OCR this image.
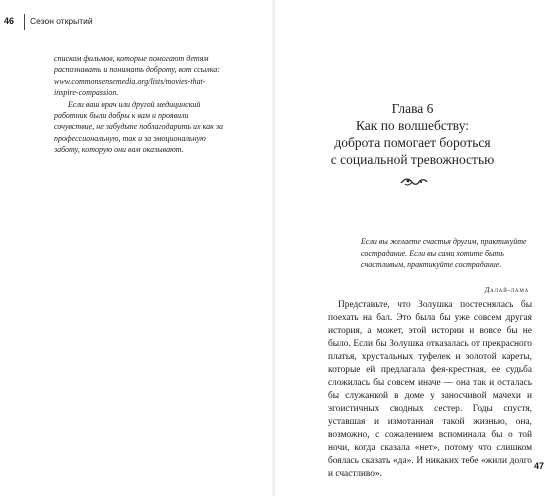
46 Сезон открытий

списком фильмов, которые помогают детям распознавать и понимать доброту, вот ссылка: www.commonsensemedia.org/lists/movies-that-inspire-compassion.

Если ваш врач или другой медицинский работник были добры к вам и проявили сочувствие, не забудьте поблагодарить их как за профессиональную, так и за эмоциональную заботу, которую они вам оказывают.

Глава 6
Как по волшебству:
доброта помогает бороться
с социальной тревожностью

Если вы желаете счастья другим, практикуйте сострадание. Если вы сами хотите быть счастливым, практикуйте сострадание.

Далай-лама

Представьте, что Золушка постеснялась бы поехать на бал. Это была бы уже совсем другая история, а может, этой истории и вовсе бы не было. Если бы Золушка отказалась от прекрасного платья, хрустальных туфелек и золотой кареты, которые ей предлагала фея-крестная, ее судьба сложилась бы совсем иначе — она так и осталась бы служанкой в доме у заносчивой мачехи и эгоистичных сводных сестер. Годы спустя, уставшая и измотанная такой жизнью, она, возможно, с сожалением вспоминала бы о той ночи, когда сказала «нет», потому что слишком боялась сказать «да». И никаких тебе «жили долго и счастливо».

47
